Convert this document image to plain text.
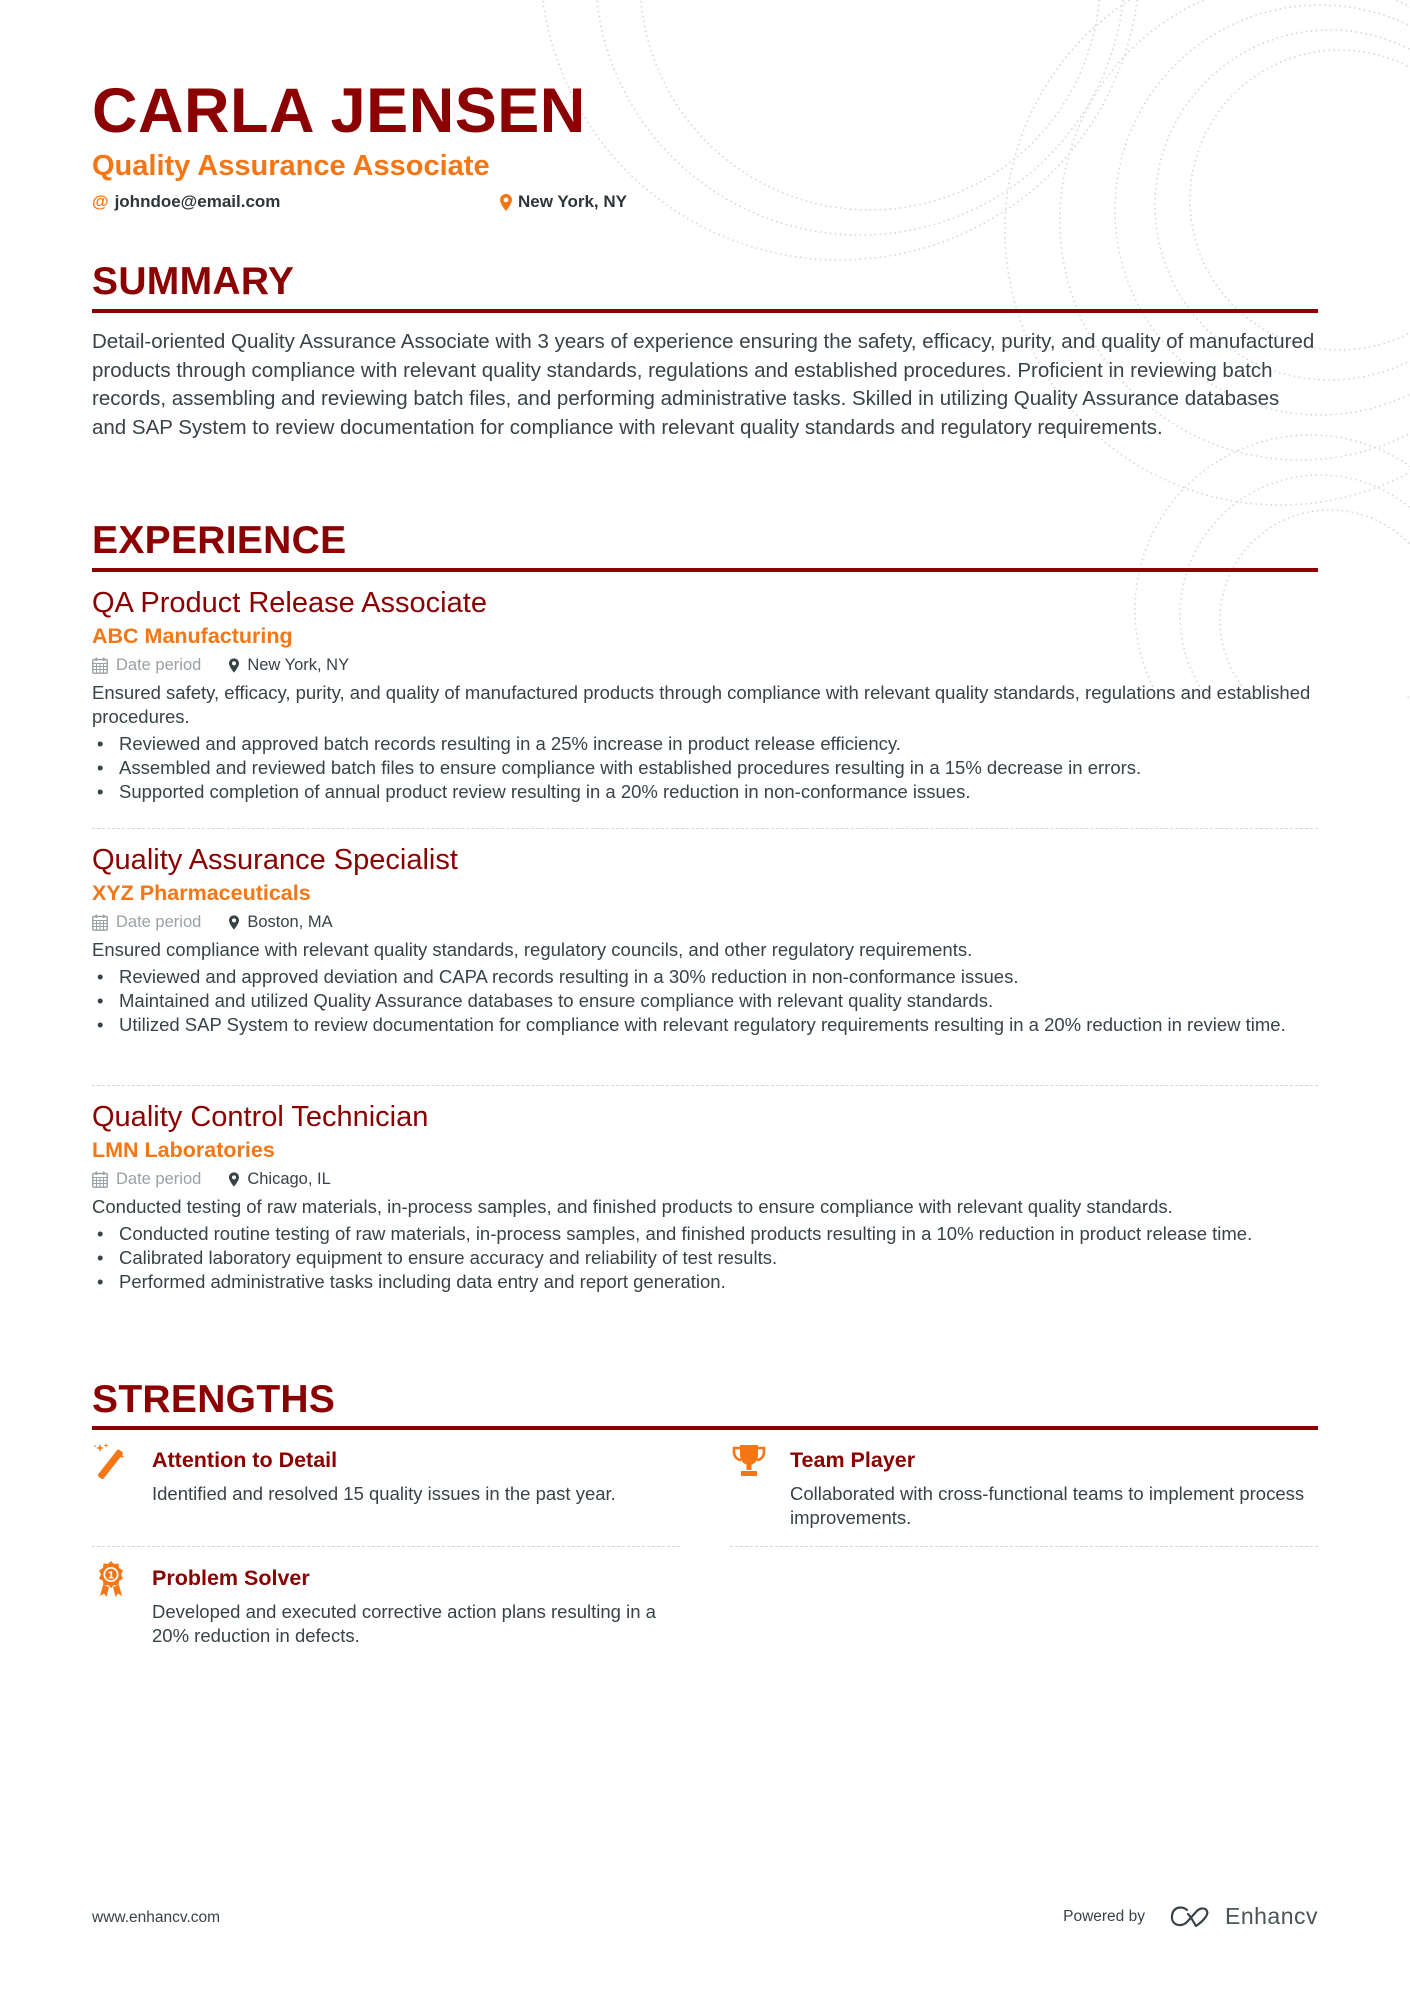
CARLA JENSEN
Quality Assurance Associate
@ johndoe@email.com	New York, NY
SUMMARY
Detail-oriented Quality Assurance Associate with 3 years of experience ensuring the safety, efficacy, purity, and quality of manufactured products through compliance with relevant quality standards, regulations and established procedures. Proficient in reviewing batch records, assembling and reviewing batch files, and performing administrative tasks. Skilled in utilizing Quality Assurance databases and SAP System to review documentation for compliance with relevant quality standards and regulatory requirements.
EXPERIENCE
QA Product Release Associate
ABC Manufacturing
Date period	New York, NY
Ensured safety, efficacy, purity, and quality of manufactured products through compliance with relevant quality standards, regulations and established procedures.
• Reviewed and approved batch records resulting in a 25% increase in product release efficiency.
• Assembled and reviewed batch files to ensure compliance with established procedures resulting in a 15% decrease in errors.
• Supported completion of annual product review resulting in a 20% reduction in non-conformance issues.
Quality Assurance Specialist
XYZ Pharmaceuticals
Date period	Boston, MA
Ensured compliance with relevant quality standards, regulatory councils, and other regulatory requirements.
• Reviewed and approved deviation and CAPA records resulting in a 30% reduction in non-conformance issues.
• Maintained and utilized Quality Assurance databases to ensure compliance with relevant quality standards.
• Utilized SAP System to review documentation for compliance with relevant regulatory requirements resulting in a 20% reduction in review time.
Quality Control Technician
LMN Laboratories
Date period	Chicago, IL
Conducted testing of raw materials, in-process samples, and finished products to ensure compliance with relevant quality standards.
• Conducted routine testing of raw materials, in-process samples, and finished products resulting in a 10% reduction in product release time.
• Calibrated laboratory equipment to ensure accuracy and reliability of test results.
• Performed administrative tasks including data entry and report generation.
STRENGTHS
Attention to Detail
Identified and resolved 15 quality issues in the past year.
Team Player
Collaborated with cross-functional teams to implement process improvements.
1 Problem Solver
Developed and executed corrective action plans resulting in a 20% reduction in defects.
www.enhancv.com	Powered by	Enhancv
